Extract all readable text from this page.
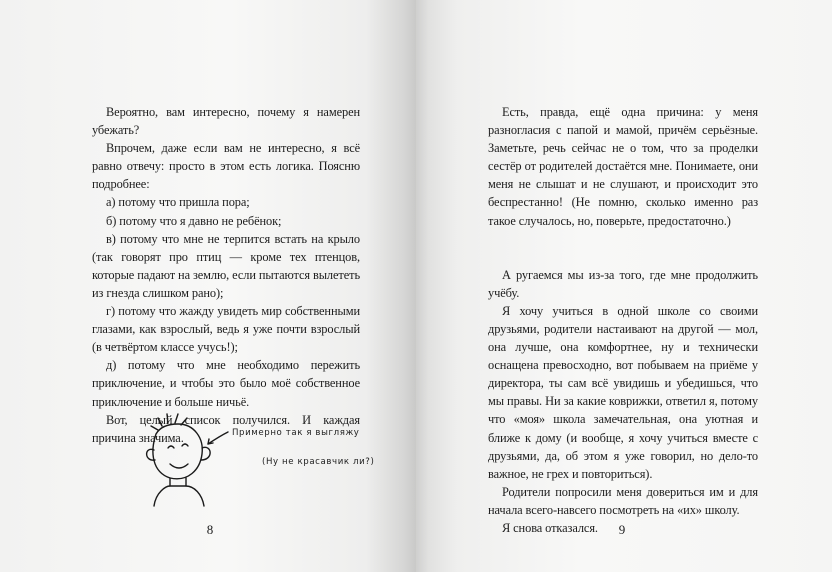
Вероятно, вам интересно, почему я намерен убежать?

Впрочем, даже если вам не интересно, я всё равно отвечу: просто в этом есть логика. Поясню подробнее:

а) потому что пришла пора;

б) потому что я давно не ребёнок;

в) потому что мне не терпится встать на крыло (так говорят про птиц — кроме тех птенцов, которые падают на землю, если пытаются вылететь из гнезда слишком рано);

г) потому что жажду увидеть мир собственными глазами, как взрослый, ведь я уже почти взрослый (в четвёртом классе учусь!);

д) потому что мне необходимо пережить приключение, и чтобы это было моё собственное приключение и больше ничьё.

Вот, целый список получился. И каждая причина значима.	Примерно так я выгляжу
(Ну не красавчик ли?)
8

Есть, правда, ещё одна причина: у меня разногласия с папой и мамой, причём серьёзные. Заметьте, речь сейчас не о том, что за проделки сестёр от родителей достаётся мне. Понимаете, они меня не слышат и не слушают, и происходит это беспрестанно! (Не помню, сколько именно раз такое случалось, но, поверьте, предостаточно.)

А ругаемся мы из-за того, где мне продолжить учёбу.

Я хочу учиться в одной школе со своими друзьями, родители настаивают на другой — мол, она лучше, она комфортнее, ну и технически оснащена превосходно, вот побываем на приёме у директора, ты сам всё увидишь и убедишься, что мы правы. Ни за какие коврижки, ответил я, потому что «моя» школа замечательная, она уютная и ближе к дому (и вообще, я хочу учиться вместе с друзьями, да, об этом я уже говорил, но дело-то важное, не грех и повториться).

Родители попросили меня довериться им и для начала всего-навсего посмотреть на «их» школу.

Я снова отказался.	9
